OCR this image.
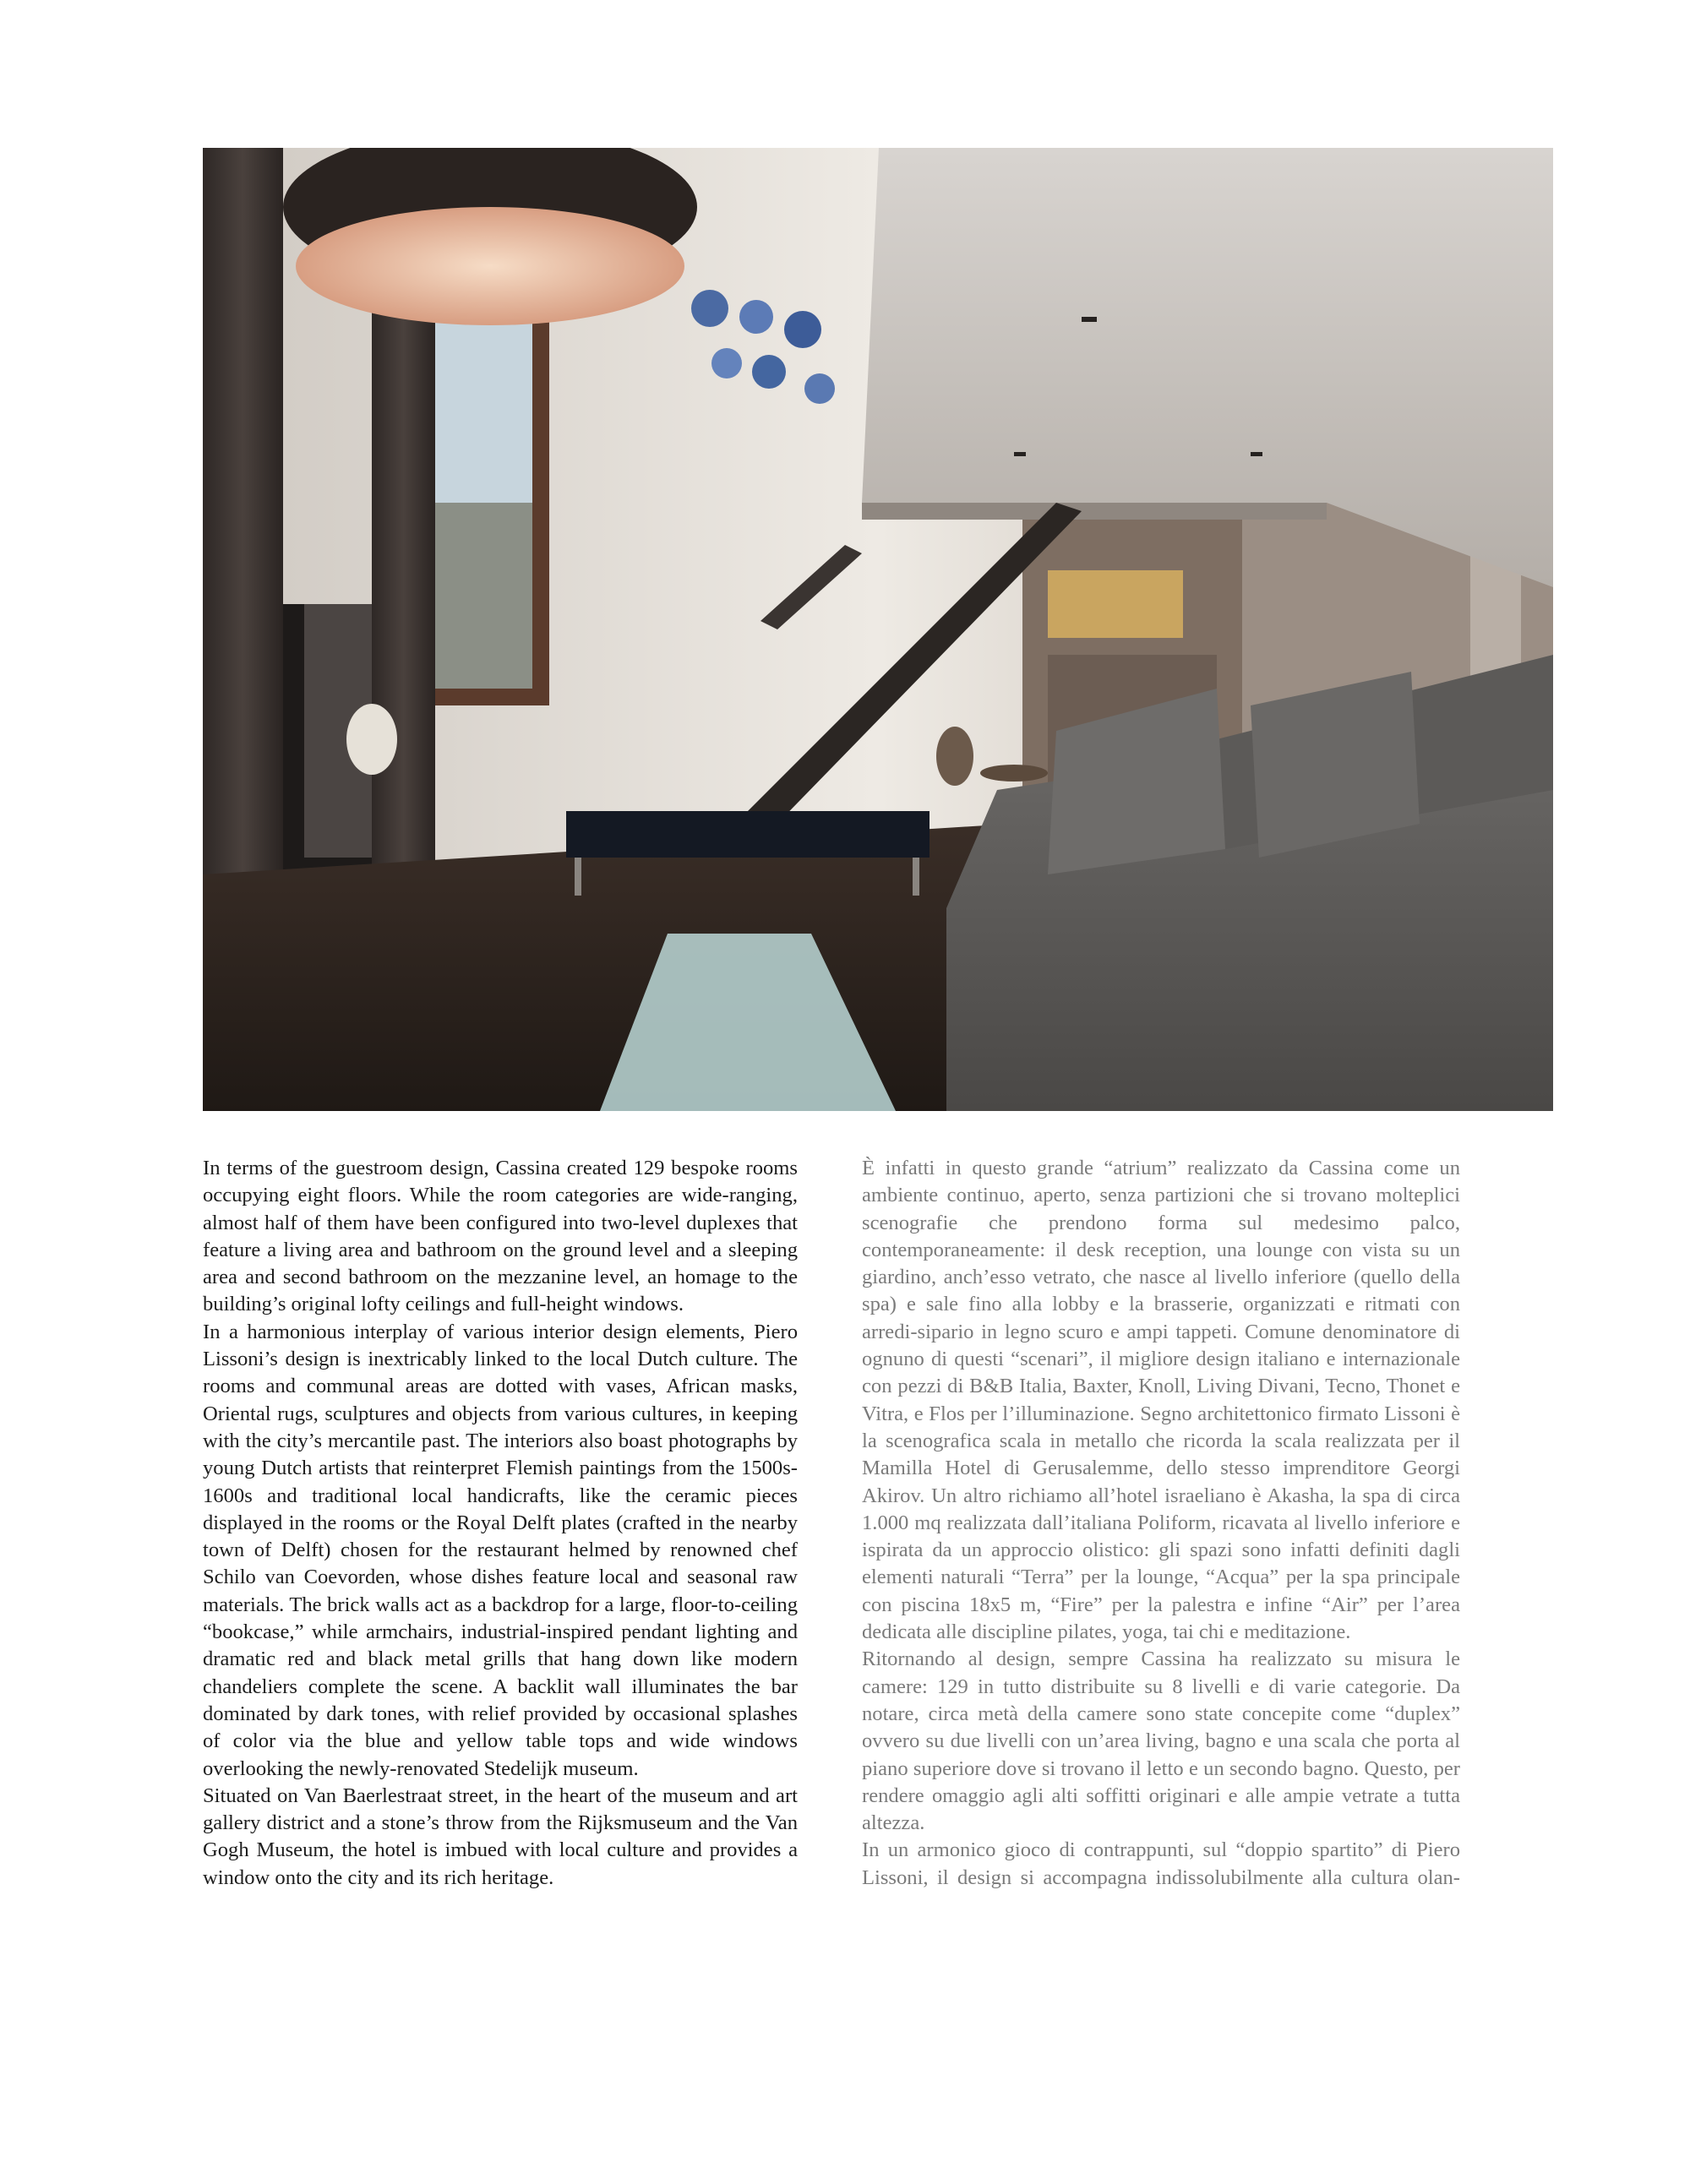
In terms of the guestroom design, Cassina created 129 bespoke rooms occupying eight floors. While the room categories are wide-ranging, almost half of them have been configured into two-level duplexes that feature a living area and bathroom on the ground level and a sleeping area and second bathroom on the mezzanine level, an homage to the building’s original lofty ceilings and full-height windows.

In a harmonious interplay of various interior design elements, Piero Lissoni’s design is inextricably linked to the local Dutch culture. The rooms and communal areas are dotted with vases, African masks, Oriental rugs, sculptures and objects from various cultures, in keeping with the city’s mercantile past. The interiors also boast photographs by young Dutch artists that reinterpret Flemish paintings from the 1500s-1600s and traditional local handicrafts, like the ceramic pieces displayed in the rooms or the Royal Delft plates (crafted in the nearby town of Delft) chosen for the restaurant helmed by renowned chef Schilo van Coevorden, whose dishes feature local and seasonal raw materials. The brick walls act as a backdrop for a large, floor-to-ceiling “bookcase,” while armchairs, industrial-inspired pendant lighting and dramatic red and black metal grills that hang down like modern chandeliers complete the scene. A backlit wall illuminates the bar dominated by dark tones, with relief provided by occasional splashes of color via the blue and yellow table tops and wide windows overlooking the newly-renovated Stedelijk museum.

Situated on Van Baerlestraat street, in the heart of the museum and art gallery district and a stone’s throw from the Rijksmuseum and the Van Gogh Museum, the hotel is imbued with local culture and provides a window onto the city and its rich heritage.

È infatti in questo grande “atrium” realizzato da Cassina come un ambiente continuo, aperto, senza partizioni che si trovano molteplici scenografie che prendono forma sul medesimo palco, contemporaneamente: il desk reception, una lounge con vista su un giardino, anch’esso vetrato, che nasce al livello inferiore (quello della spa) e sale fino alla lobby e la brasserie, organizzati e ritmati con arredi-sipario in legno scuro e ampi tappeti. Comune denominatore di ognuno di questi “scenari”, il migliore design italiano e internazionale con pezzi di B&B Italia, Baxter, Knoll, Living Divani, Tecno, Thonet e Vitra, e Flos per l’illuminazione. Segno architettonico firmato Lissoni è la scenografica scala in metallo che ricorda la scala realizzata per il Mamilla Hotel di Gerusalemme, dello stesso imprenditore Georgi Akirov. Un altro richiamo all’hotel israeliano è Akasha, la spa di circa 1.000 mq realizzata dall’italiana Poliform, ricavata al livello inferiore e ispirata da un approccio olistico: gli spazi sono infatti definiti dagli elementi naturali “Terra” per la lounge, “Acqua” per la spa principale con piscina 18x5 m, “Fire” per la palestra e infine “Air” per l’area dedicata alle discipline pilates, yoga, tai chi e meditazione.

Ritornando al design, sempre Cassina ha realizzato su misura le camere: 129 in tutto distribuite su 8 livelli e di varie categorie. Da notare, circa metà della camere sono state concepite come “duplex” ovvero su due livelli con un’area living, bagno e una scala che porta al piano superiore dove si trovano il letto e un secondo bagno. Questo, per rendere omaggio agli alti soffitti originari e alle ampie vetrate a tutta altezza.

In un armonico gioco di contrappunti, sul “doppio spartito” di Piero Lissoni, il design si accompagna indissolubilmente alla cultura olan-
